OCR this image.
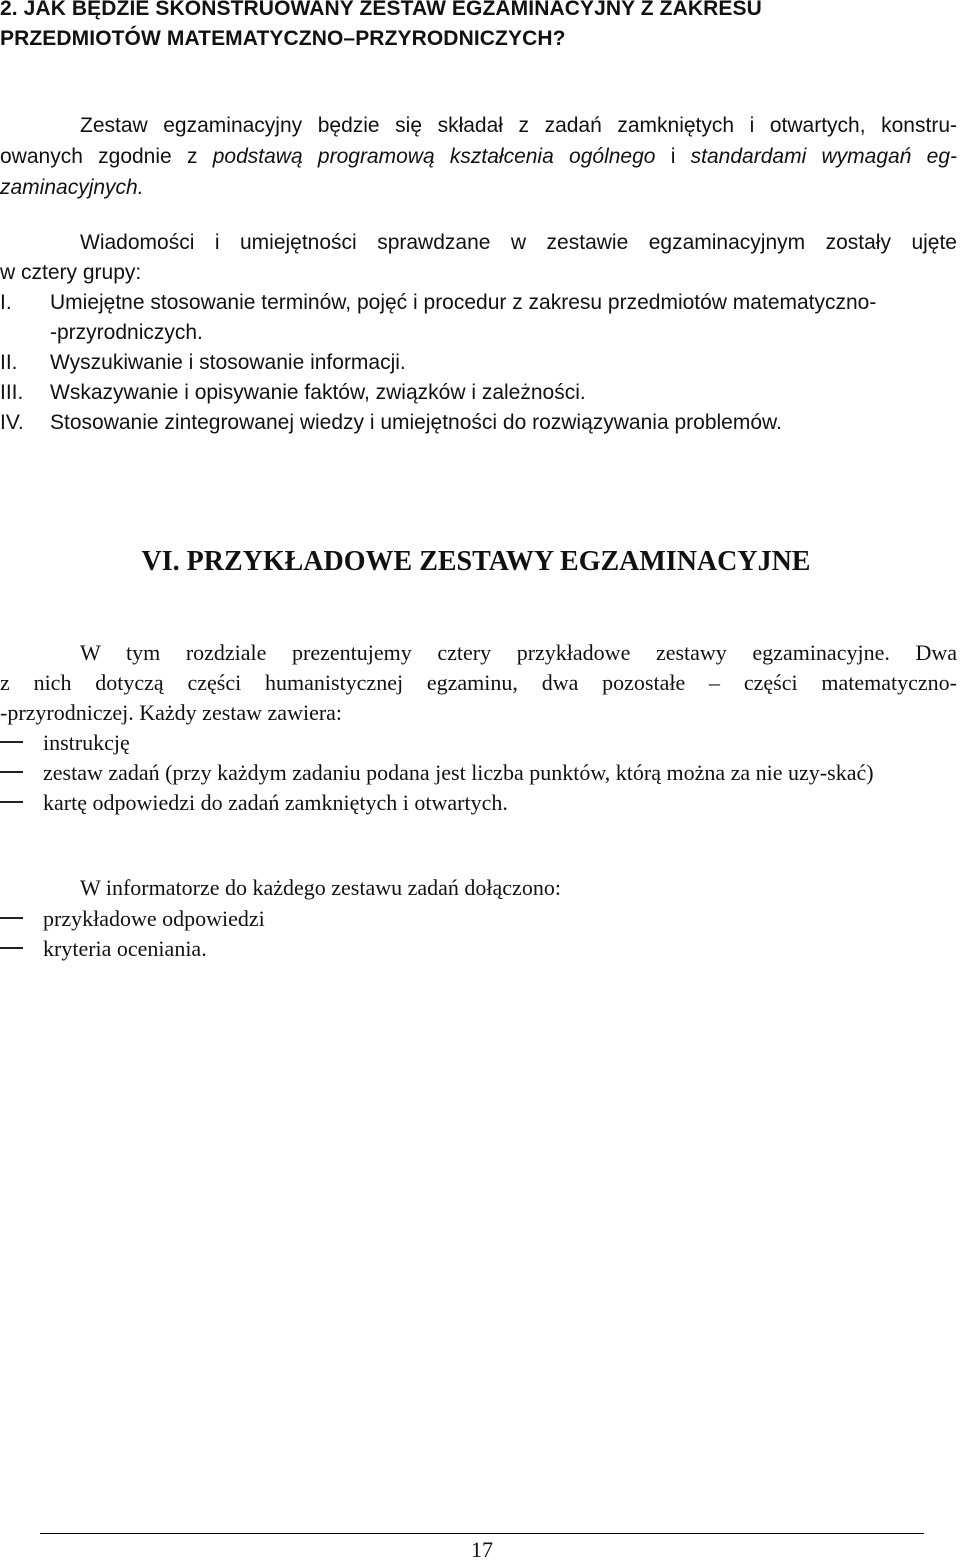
2. JAK BĘDZIE SKONSTRUOWANY ZESTAW EGZAMINACYJNY Z ZAKRESU
PRZEDMIOTÓW MATEMATYCZNO–PRZYRODNICZYCH?
Zestaw egzaminacyjny będzie się składał z zadań zamkniętych i otwartych, konstru-
owanych zgodnie z podstawą programową kształcenia ogólnego i standardami wymagań eg-
zaminacyjnych.
Wiadomości i umiejętności sprawdzane w zestawie egzaminacyjnym zostały ujęte
w cztery grupy:
I.	Umiejętne stosowanie terminów, pojęć i procedur z zakresu przedmiotów matematyczno-
-przyrodniczych.
II.	Wyszukiwanie i stosowanie informacji.
III.	Wskazywanie i opisywanie faktów, związków i zależności.
IV.	Stosowanie zintegrowanej wiedzy i umiejętności do rozwiązywania problemów.
VI. PRZYKŁADOWE ZESTAWY EGZAMINACYJNE
W tym rozdziale prezentujemy cztery przykładowe zestawy egzaminacyjne. Dwa
z nich dotyczą części humanistycznej egzaminu, dwa pozostałe – części matematyczno-
-przyrodniczej. Każdy zestaw zawiera:
instrukcję
zestaw zadań (przy każdym zadaniu podana jest liczba punktów, którą można za nie uzy-skać)
kartę odpowiedzi do zadań zamkniętych i otwartych.
W informatorze do każdego zestawu zadań dołączono:
przykładowe odpowiedzi
kryteria oceniania.
17
